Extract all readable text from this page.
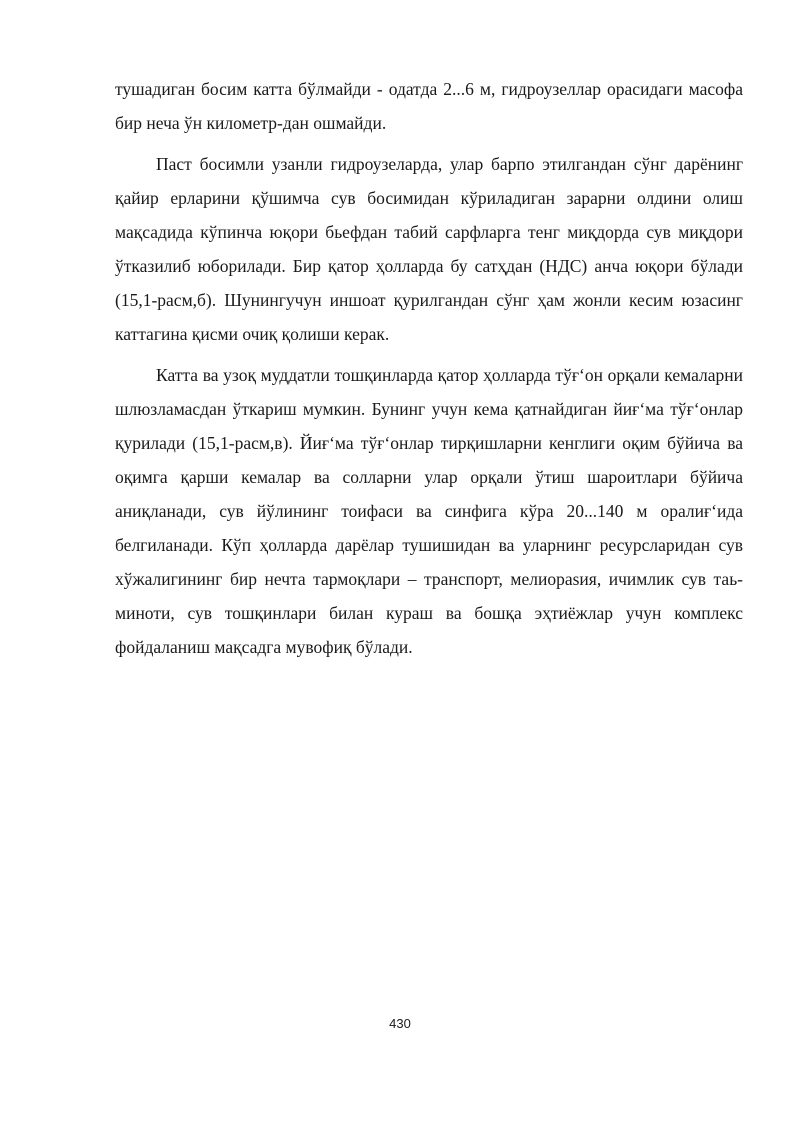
тушадиган босим катта бўлмайди - одатда 2...6 м, гидроузеллар орасидаги масофа бир неча ўн километр-дан ошмайди.

Паст босимли узанли гидроузеларда, улар барпо этилгандан сўнг дарёнинг қайир ерларини қўшимча сув босимидан кўриладиган зарарни олдини олиш мақсадида кўпинча юқори бьефдан табий сарфларга тенг миқдорда сув миқдори ўтказилиб юборилади. Бир қатор ҳолларда бу сатҳдан (НДС) анча юқори бўлади (15,1-расм,б). Шунингучун иншоат қурилгандан сўнг ҳам жонли кесим юзасинг каттагина қисми очиқ қолиши керак.

Катта ва узоқ муддатли тошқинларда қатор ҳолларда тўғʻон орқали кемаларни шлюзламасдан ўткариш мумкин. Бунинг учун кема қатнайдиган йиғʻма тўғʻонлар қурилади (15,1-расм,в). Йиғʻма тўғʻонлар тирқишларни кенглиги оқим бўйича ва оқимга қарши кемалар ва солларни улар орқали ўтиш шароитлари бўйича аниқланади, сув йўлининг тоифаси ва синфига кўра 20...140 м оралиғʻида белгиланади. Кўп ҳолларда дарёлар тушишидан ва уларнинг ресурсларидан сув хўжалигининг бир нечта тармоқлари – транспорт, мелиораsия, ичимлик сув таь-миноти, сув тошқинлари билан кураш ва бошқа эҳтиёжлар учун комплекс фойдаланиш мақсадга мувофиқ бўлади.

430
